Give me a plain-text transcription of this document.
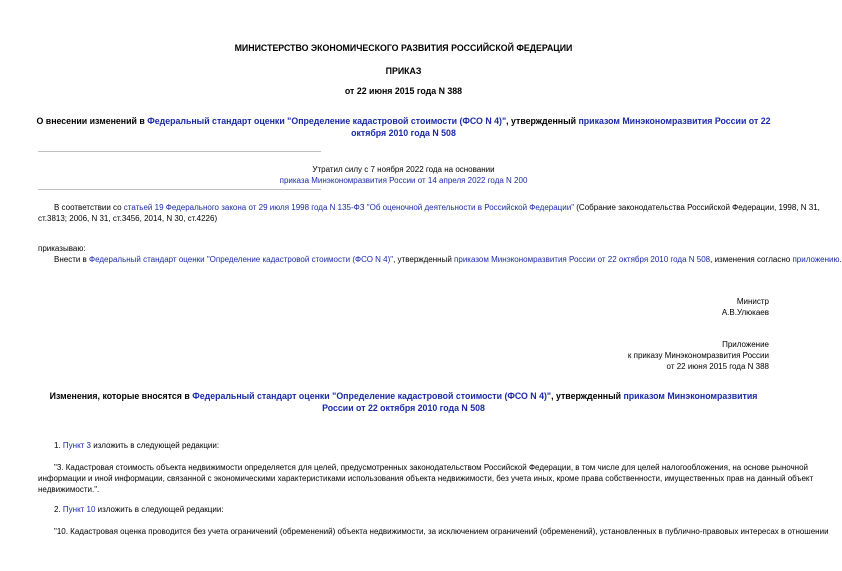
МИНИСТЕРСТВО ЭКОНОМИЧЕСКОГО РАЗВИТИЯ РОССИЙСКОЙ ФЕДЕРАЦИИ
ПРИКАЗ
от 22 июня 2015 года N 388
О внесении изменений в Федеральный стандарт оценки "Определение кадастровой стоимости (ФСО N 4)", утвержденный приказом Минэкономразвития России от 22 октября 2010 года N 508
Утратил силу с 7 ноября 2022 года на основании
приказа Минэкономразвития России от 14 апреля 2022 года N 200
В соответствии со статьей 19 Федерального закона от 29 июля 1998 года N 135-ФЗ "Об оценочной деятельности в Российской Федерации" (Собрание законодательства Российской Федерации, 1998, N 31,
ст.3813; 2006, N 31, ст.3456, 2014, N 30, ст.4226)
приказываю:
Внести в Федеральный стандарт оценки "Определение кадастровой стоимости (ФСО N 4)", утвержденный приказом Минэкономразвития России от 22 октября 2010 года N 508, изменения согласно приложению.
Министр
А.В.Улюкаев
Приложение
к приказу Минэкономразвития России
от 22 июня 2015 года N 388
Изменения, которые вносятся в Федеральный стандарт оценки "Определение кадастровой стоимости (ФСО N 4)", утвержденный приказом Минэкономразвития
России от 22 октября 2010 года N 508
1. Пункт 3 изложить в следующей редакции:
"3. Кадастровая стоимость объекта недвижимости определяется для целей, предусмотренных законодательством Российской Федерации, в том числе для целей налогообложения, на основе рыночной
информации и иной информации, связанной с экономическими характеристиками использования объекта недвижимости, без учета иных, кроме права собственности, имущественных прав на данный объект
недвижимости.".
2. Пункт 10 изложить в следующей редакции:
"10. Кадастровая оценка проводится без учета ограничений (обременений) объекта недвижимости, за исключением ограничений (обременений), установленных в публично-правовых интересах в отношении
